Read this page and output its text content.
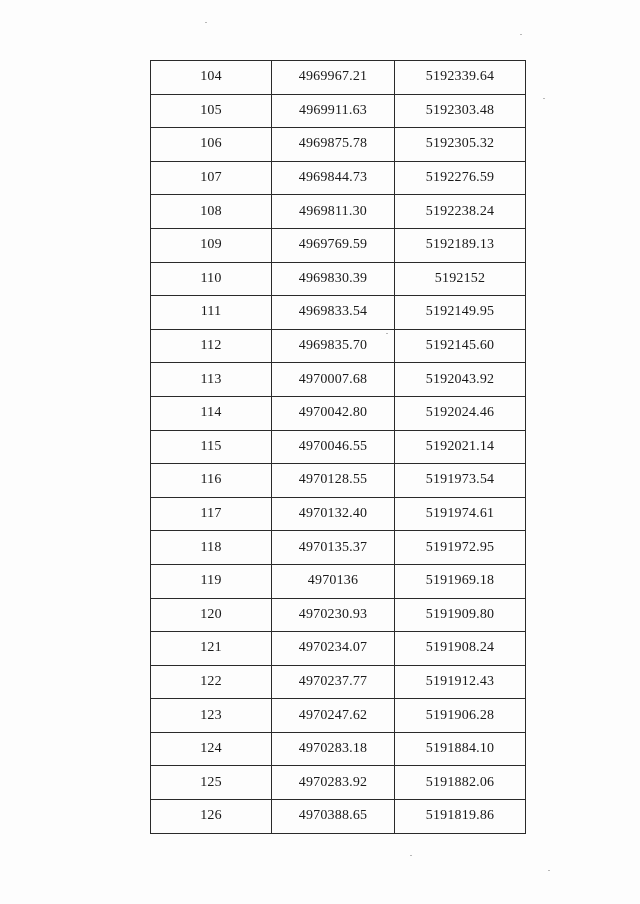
104	4969967.21	5192339.64
105	4969911.63	5192303.48
106	4969875.78	5192305.32
107	4969844.73	5192276.59
108	4969811.30	5192238.24
109	4969769.59	5192189.13
110	4969830.39	5192152
111	4969833.54	5192149.95
112	4969835.70	5192145.60
113	4970007.68	5192043.92
114	4970042.80	5192024.46
115	4970046.55	5192021.14
116	4970128.55	5191973.54
117	4970132.40	5191974.61
118	4970135.37	5191972.95
119	4970136	5191969.18
120	4970230.93	5191909.80
121	4970234.07	5191908.24
122	4970237.77	5191912.43
123	4970247.62	5191906.28
124	4970283.18	5191884.10
125	4970283.92	5191882.06
126	4970388.65	5191819.86
